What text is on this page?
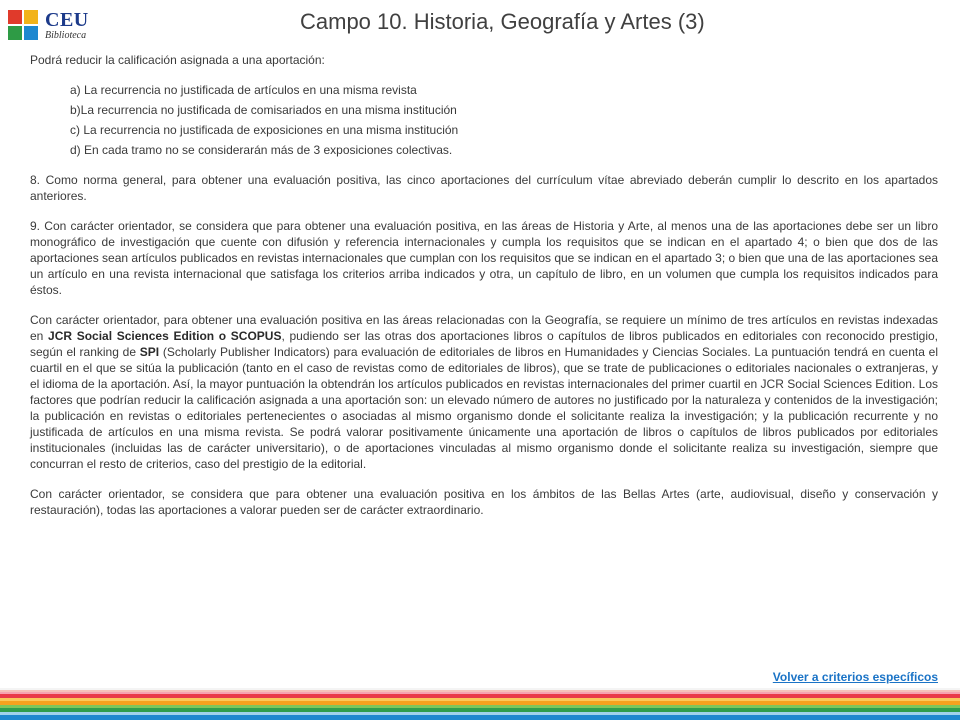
CEU
Biblioteca
Campo 10. Historia, Geografía y Artes (3)

Podrá reducir la calificación asignada a una aportación:

a) La recurrencia no justificada de artículos en una misma revista

b)La recurrencia no justificada de comisariados en una misma institución

c) La recurrencia no justificada de exposiciones en una misma institución

d) En cada tramo no se considerarán más de 3 exposiciones colectivas.

8. Como norma general, para obtener una evaluación positiva, las cinco aportaciones del currículum vítae abreviado deberán cumplir lo descrito en los apartados anteriores.

9. Con carácter orientador, se considera que para obtener una evaluación positiva, en las áreas de Historia y Arte, al menos una de las aportaciones debe ser un libro monográfico de investigación que cuente con difusión y referencia internacionales y cumpla los requisitos que se indican en el apartado 4; o bien que dos de las aportaciones sean artículos publicados en revistas internacionales que cumplan con los requisitos que se indican en el apartado 3; o bien que una de las aportaciones sea un artículo en una revista internacional que satisfaga los criterios arriba indicados y otra, un capítulo de libro, en un volumen que cumpla los requisitos indicados para éstos.

Con carácter orientador, para obtener una evaluación positiva en las áreas relacionadas con la Geografía, se requiere un mínimo de tres artículos en revistas indexadas en JCR Social Sciences Edition o SCOPUS, pudiendo ser las otras dos aportaciones libros o capítulos de libros publicados en editoriales con reconocido prestigio, según el ranking de SPI (Scholarly Publisher Indicators) para evaluación de editoriales de libros en Humanidades y Ciencias Sociales. La puntuación tendrá en cuenta el cuartil en el que se sitúa la publicación (tanto en el caso de revistas como de editoriales de libros), que se trate de publicaciones o editoriales nacionales o extranjeras, y el idioma de la aportación. Así, la mayor puntuación la obtendrán los artículos publicados en revistas internacionales del primer cuartil en JCR Social Sciences Edition. Los factores que podrían reducir la calificación asignada a una aportación son: un elevado número de autores no justificado por la naturaleza y contenidos de la investigación; la publicación en revistas o editoriales pertenecientes o asociadas al mismo organismo donde el solicitante realiza la investigación; y la publicación recurrente y no justificada de artículos en una misma revista. Se podrá valorar positivamente únicamente una aportación de libros o capítulos de libros publicados por editoriales institucionales (incluidas las de carácter universitario), o de aportaciones vinculadas al mismo organismo donde el solicitante realiza su investigación, siempre que concurran el resto de criterios, caso del prestigio de la editorial.

Con carácter orientador, se considera que para obtener una evaluación positiva en los ámbitos de las Bellas Artes (arte, audiovisual, diseño y conservación y restauración), todas las aportaciones a valorar pueden ser de carácter extraordinario.

Volver a criterios específicos
